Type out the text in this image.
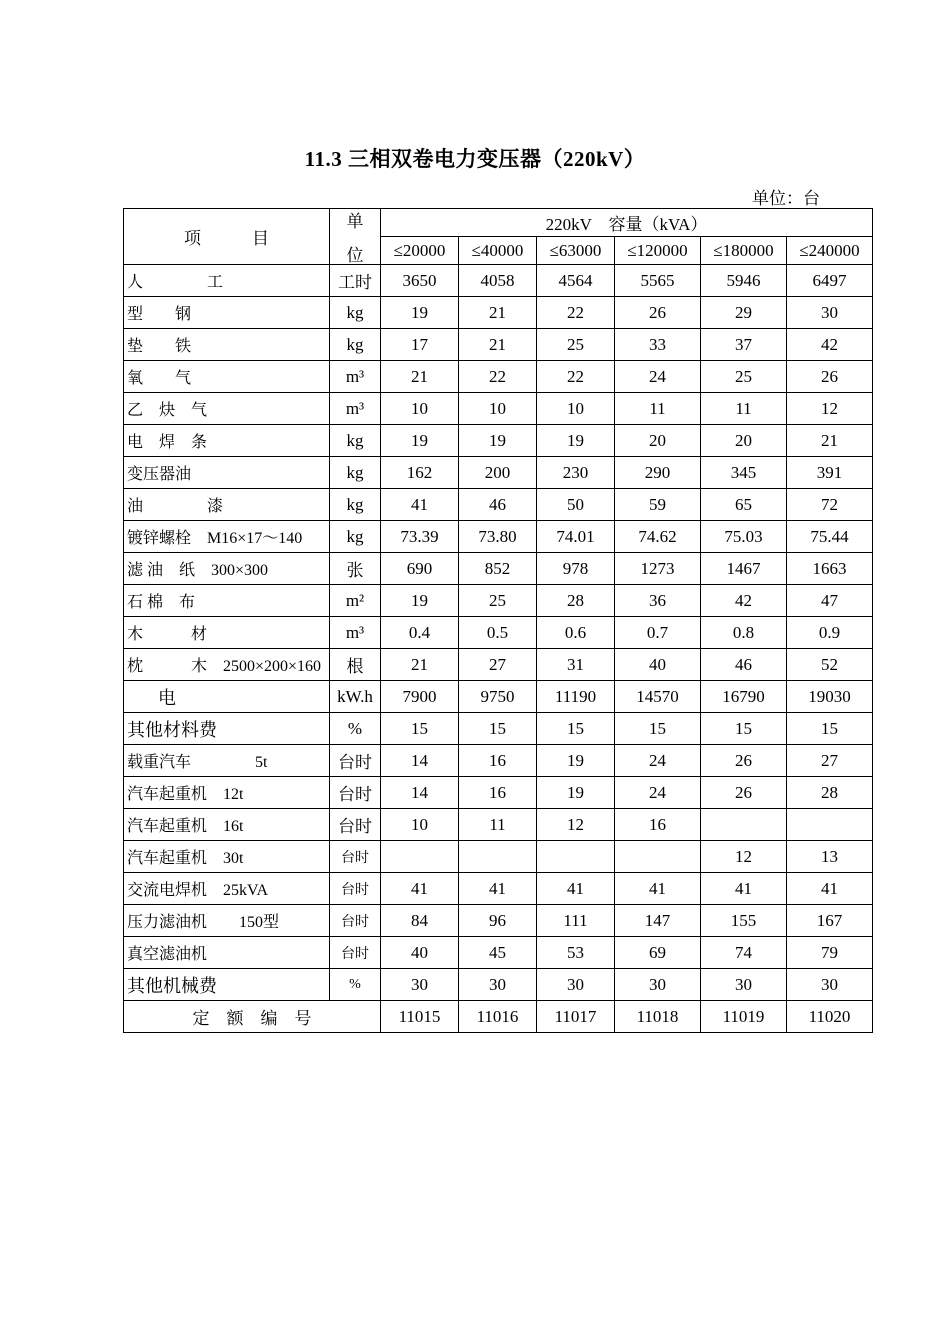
11.3 三相双卷电力变压器（220kV）
单位：台
项　　　目	单
位	220kV　容量（kVA）					
		≤20000	≤40000	≤63000	≤120000	≤180000	≤240000
人　　　　工	工时	3650	4058	4564	5565	5946	6497
型　　钢	kg	19	21	22	26	29	30
垫　　铁	kg	17	21	25	33	37	42
氧　　气	m³	21	22	22	24	25	26
乙　炔　气	m³	10	10	10	11	11	12
电　焊　条	kg	19	19	19	20	20	21
变压器油	kg	162	200	230	290	345	391
油　　　　漆	kg	41	46	50	59	65	72
镀锌螺栓　M16×17～140	kg	73.39	73.80	74.01	74.62	75.03	75.44
滤 油　纸　300×300	张	690	852	978	1273	1467	1663
石 棉　布	m²	19	25	28	36	42	47
木　　　材	m³	0.4	0.5	0.6	0.7	0.8	0.9
枕　　　木　2500×200×160	根	21	27	31	40	46	52
电	kW.h	7900	9750	11190	14570	16790	19030
其他材料费	%	15	15	15	15	15	15
载重汽车　　　　5t	台时	14	16	19	24	26	27
汽车起重机　12t	台时	14	16	19	24	26	28
汽车起重机　16t	台时	10	11	12	16		
汽车起重机　30t	台时					12	13
交流电焊机　25kVA	台时	41	41	41	41	41	41
压力滤油机　　150型	台时	84	96	111	147	155	167
真空滤油机	台时	40	45	53	69	74	79
其他机械费	%	30	30	30	30	30	30
定　额　编　号		11015	11016	11017	11018	11019	11020
